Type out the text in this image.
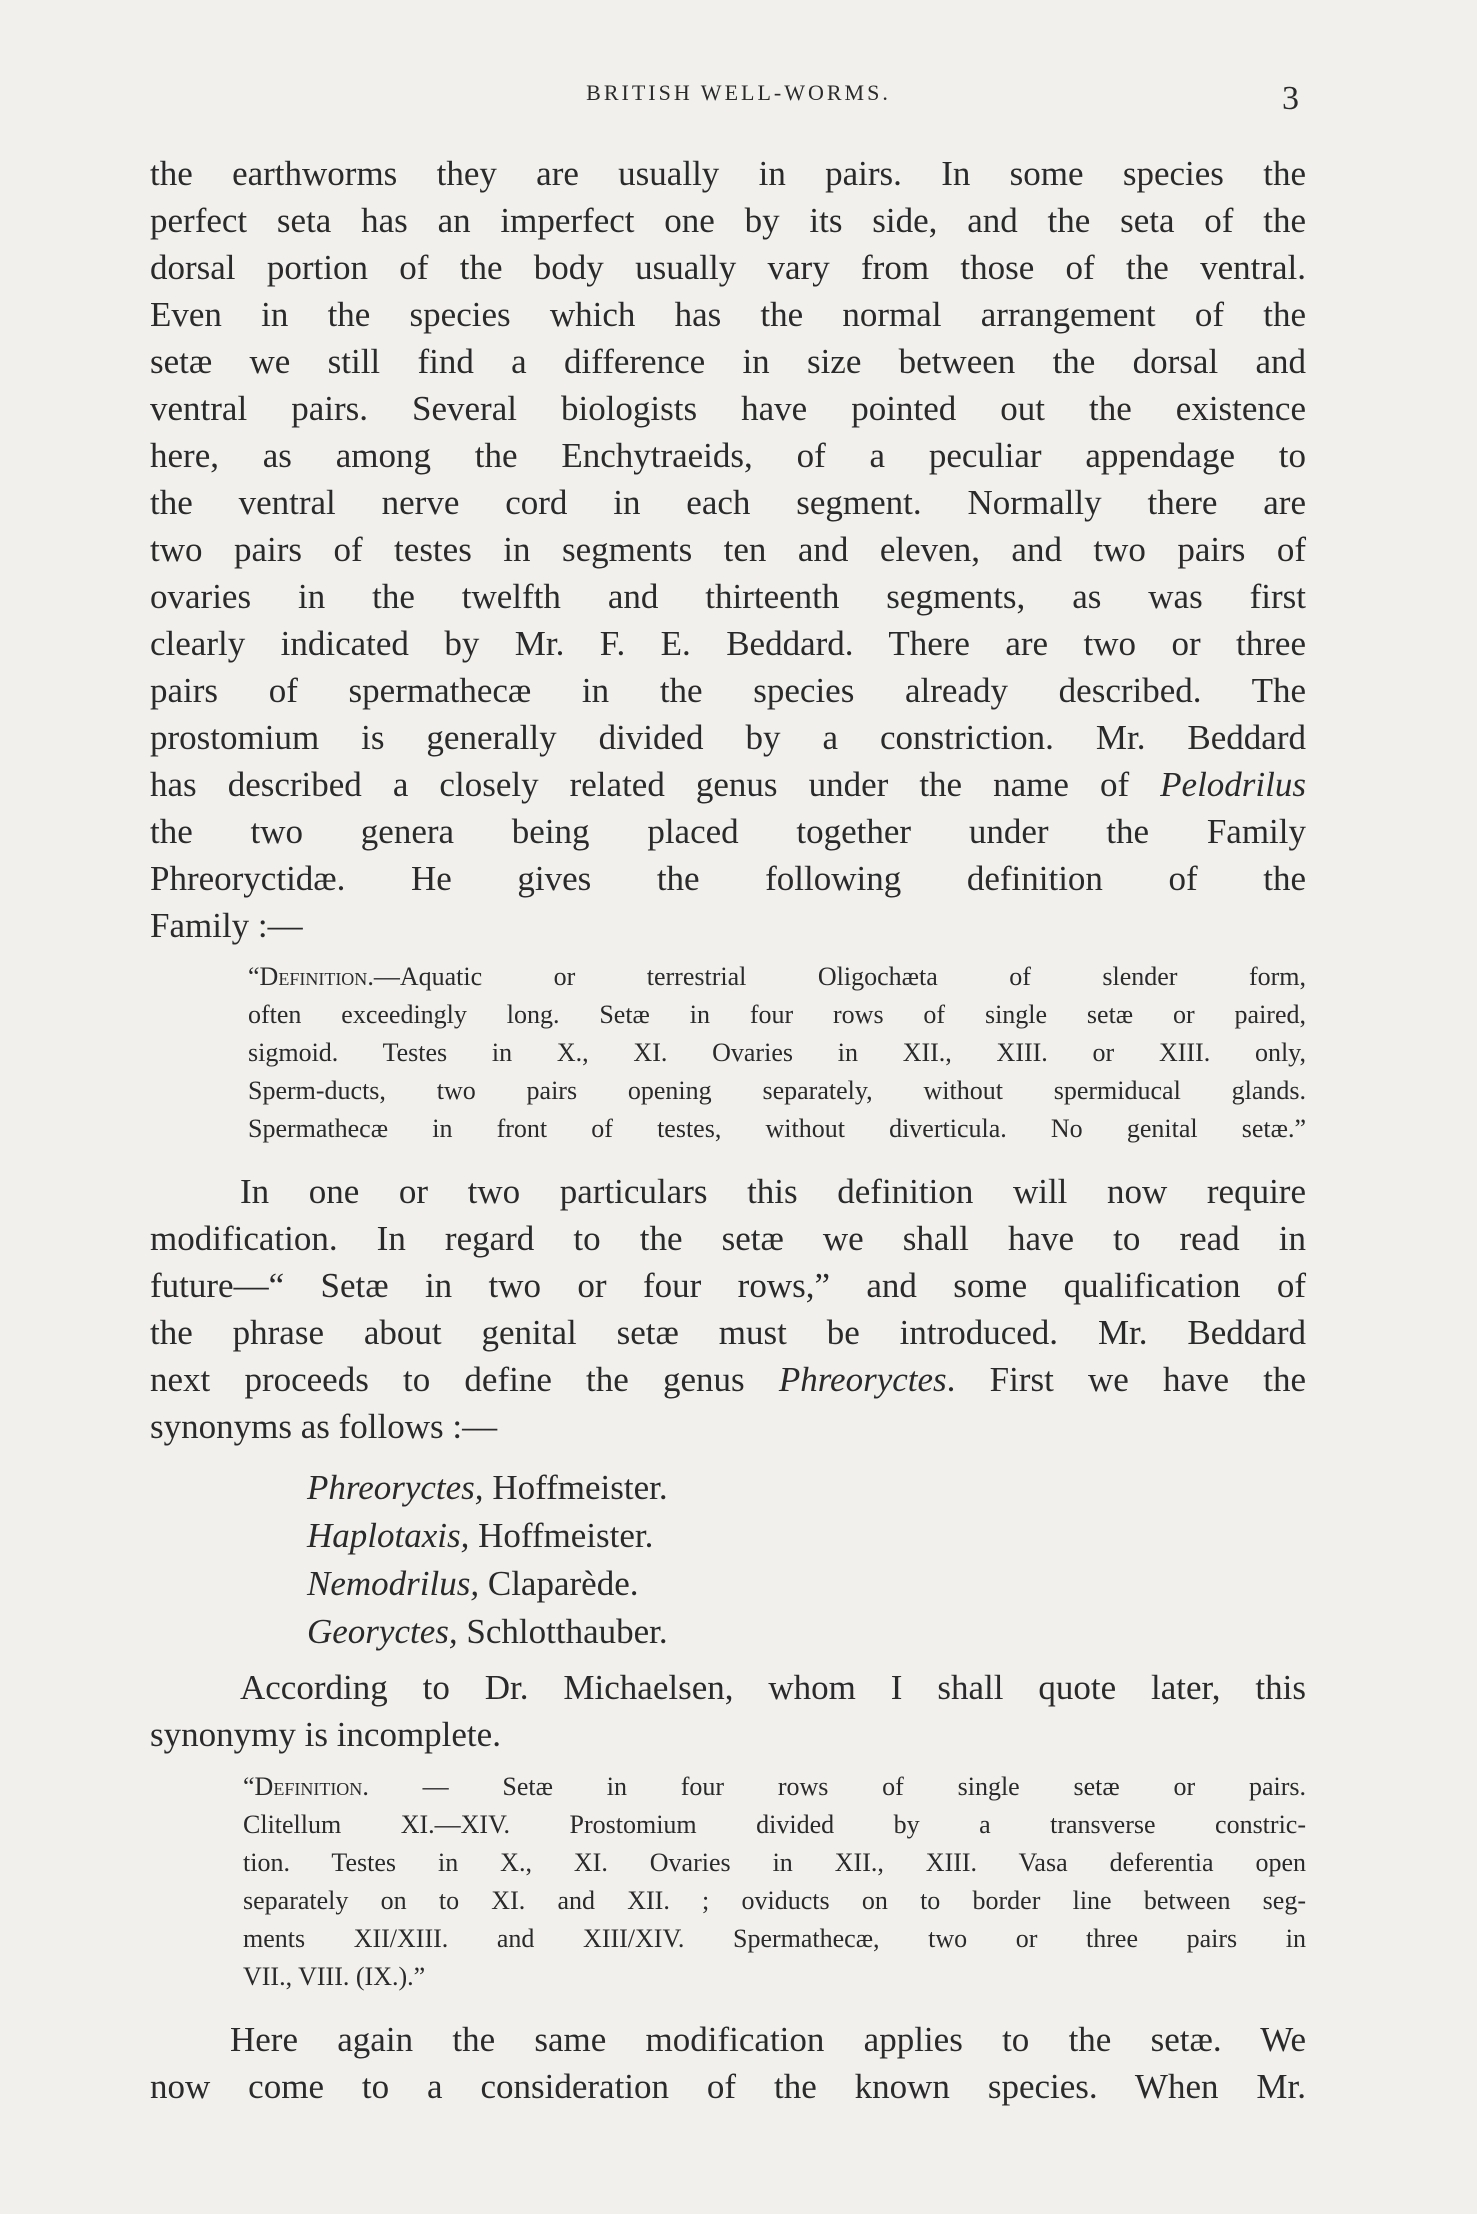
BRITISH WELL-WORMS.	3
the earthworms they are usually in pairs. In some species the
perfect seta has an imperfect one by its side, and the seta of the
dorsal portion of the body usually vary from those of the ventral.
Even in the species which has the normal arrangement of the
setæ we still find a difference in size between the dorsal and
ventral pairs. Several biologists have pointed out the existence
here, as among the Enchytraeids, of a peculiar appendage to
the ventral nerve cord in each segment. Normally there are
two pairs of testes in segments ten and eleven, and two pairs of
ovaries in the twelfth and thirteenth segments, as was first
clearly indicated by Mr. F. E. Beddard. There are two or three
pairs of spermathecæ in the species already described. The
prostomium is generally divided by a constriction. Mr. Beddard
has described a closely related genus under the name of Pelodrilus
the two genera being placed together under the Family
Phreoryctidæ. He gives the following definition of the
Family :—
“Definition.—Aquatic or terrestrial Oligochæta of slender form,
often exceedingly long. Setæ in four rows of single setæ or paired,
sigmoid. Testes in X., XI. Ovaries in XII., XIII. or XIII. only,
Sperm-ducts, two pairs opening separately, without spermiducal glands.
Spermathecæ in front of testes, without diverticula. No genital setæ.”
In one or two particulars this definition will now require
modification. In regard to the setæ we shall have to read in
future—“ Setæ in two or four rows,” and some qualification of
the phrase about genital setæ must be introduced. Mr. Beddard
next proceeds to define the genus Phreoryctes. First we have the
synonyms as follows :—
Phreoryctes, Hoffmeister.
Haplotaxis, Hoffmeister.
Nemodrilus, Claparède.
Georyctes, Schlotthauber.
According to Dr. Michaelsen, whom I shall quote later, this
synonymy is incomplete.
“Definition. — Setæ in four rows of single setæ or pairs.
Clitellum XI.—XIV. Prostomium divided by a transverse constric-
tion. Testes in X., XI. Ovaries in XII., XIII. Vasa deferentia open
separately on to XI. and XII. ; oviducts on to border line between seg-
ments XII/XIII. and XIII/XIV. Spermathecæ, two or three pairs in
VII., VIII. (IX.).”
Here again the same modification applies to the setæ. We
now come to a consideration of the known species. When Mr.
